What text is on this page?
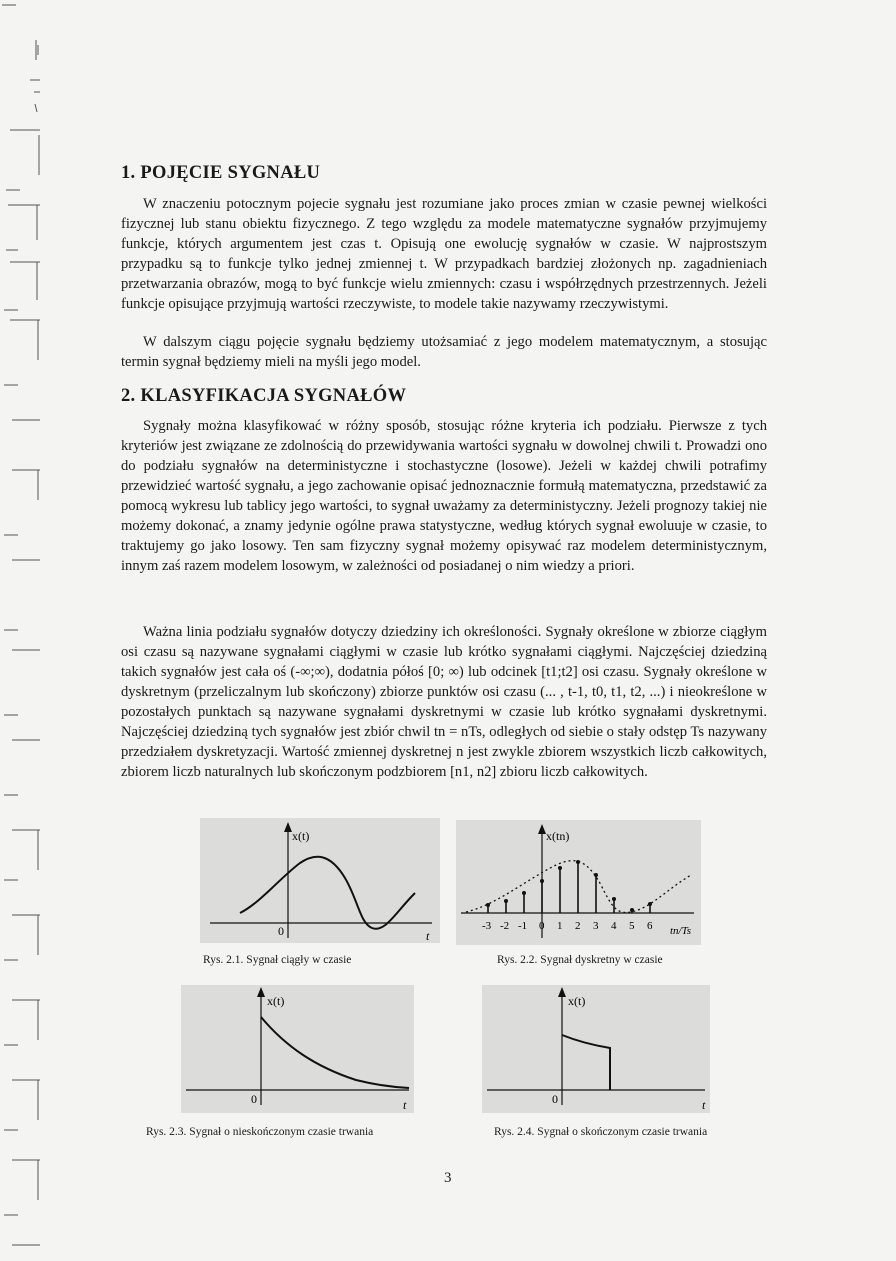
1. POJĘCIE SYGNAŁU

W znaczeniu potocznym pojecie sygnału jest rozumiane jako proces zmian w czasie pewnej wielkości fizycznej lub stanu obiektu fizycznego. Z tego względu za modele matematyczne sygnałów przyjmujemy funkcje, których argumentem jest czas t. Opisują one ewolucję sygnałów w czasie. W najprostszym przypadku są to funkcje tylko jednej zmiennej t. W przypadkach bardziej złożonych np. zagadnieniach przetwarzania obrazów, mogą to być funkcje wielu zmiennych: czasu i współrzędnych przestrzennych. Jeżeli funkcje opisujące przyjmują wartości rzeczywiste, to modele takie nazywamy rzeczywistymi.

W dalszym ciągu pojęcie sygnału będziemy utożsamiać z jego modelem matematycznym, a stosując termin sygnał będziemy mieli na myśli jego model.

2. KLASYFIKACJA SYGNAŁÓW

Sygnały można klasyfikować w różny sposób, stosując różne kryteria ich podziału. Pierwsze z tych kryteriów jest związane ze zdolnością do przewidywania wartości sygnału w dowolnej chwili t. Prowadzi ono do podziału sygnałów na deterministyczne i stochastyczne (losowe). Jeżeli w każdej chwili potrafimy przewidzieć wartość sygnału, a jego zachowanie opisać jednoznacznie formułą matematyczna, przedstawić za pomocą wykresu lub tablicy jego wartości, to sygnał uważamy za deterministyczny. Jeżeli prognozy takiej nie możemy dokonać, a znamy jedynie ogólne prawa statystyczne, według których sygnał ewoluuje w czasie, to traktujemy go jako losowy. Ten sam fizyczny sygnał możemy opisywać raz modelem deterministycznym, innym zaś razem modelem losowym, w zależności od posiadanej o nim wiedzy a priori.

Ważna linia podziału sygnałów dotyczy dziedziny ich określoności. Sygnały określone w zbiorze ciągłym osi czasu są nazywane sygnałami ciągłymi w czasie lub krótko sygnałami ciągłymi. Najczęściej dziedziną takich sygnałów jest cała oś (-∞;∞), dodatnia półoś [0; ∞) lub odcinek [t1;t2] osi czasu. Sygnały określone w dyskretnym (przeliczalnym lub skończony) zbiorze punktów osi czasu (... , t-1, t0, t1, t2, ...) i nieokreślone w pozostałych punktach są nazywane sygnałami dyskretnymi w czasie lub krótko sygnałami dyskretnymi. Najczęściej dziedziną tych sygnałów jest zbiór chwil tn = nTs, odległych od siebie o stały odstęp Ts nazywany przedziałem dyskretyzacji. Wartość zmiennej dyskretnej n jest zwykle zbiorem wszystkich liczb całkowitych, zbiorem liczb naturalnych lub skończonym podzbiorem [n1, n2] zbioru liczb całkowitych.

x(t)
0	t
Rys. 2.1. Sygnał ciągły w czasie
-3 -2 -1 0 1 2 3 4 5 6
x(tn)
tn/Ts
Rys. 2.2. Sygnał dyskretny w czasie
x(t)
0	t
Rys. 2.3. Sygnał o nieskończonym czasie trwania
x(t)
0	t
Rys. 2.4. Sygnał o skończonym czasie trwania
3
